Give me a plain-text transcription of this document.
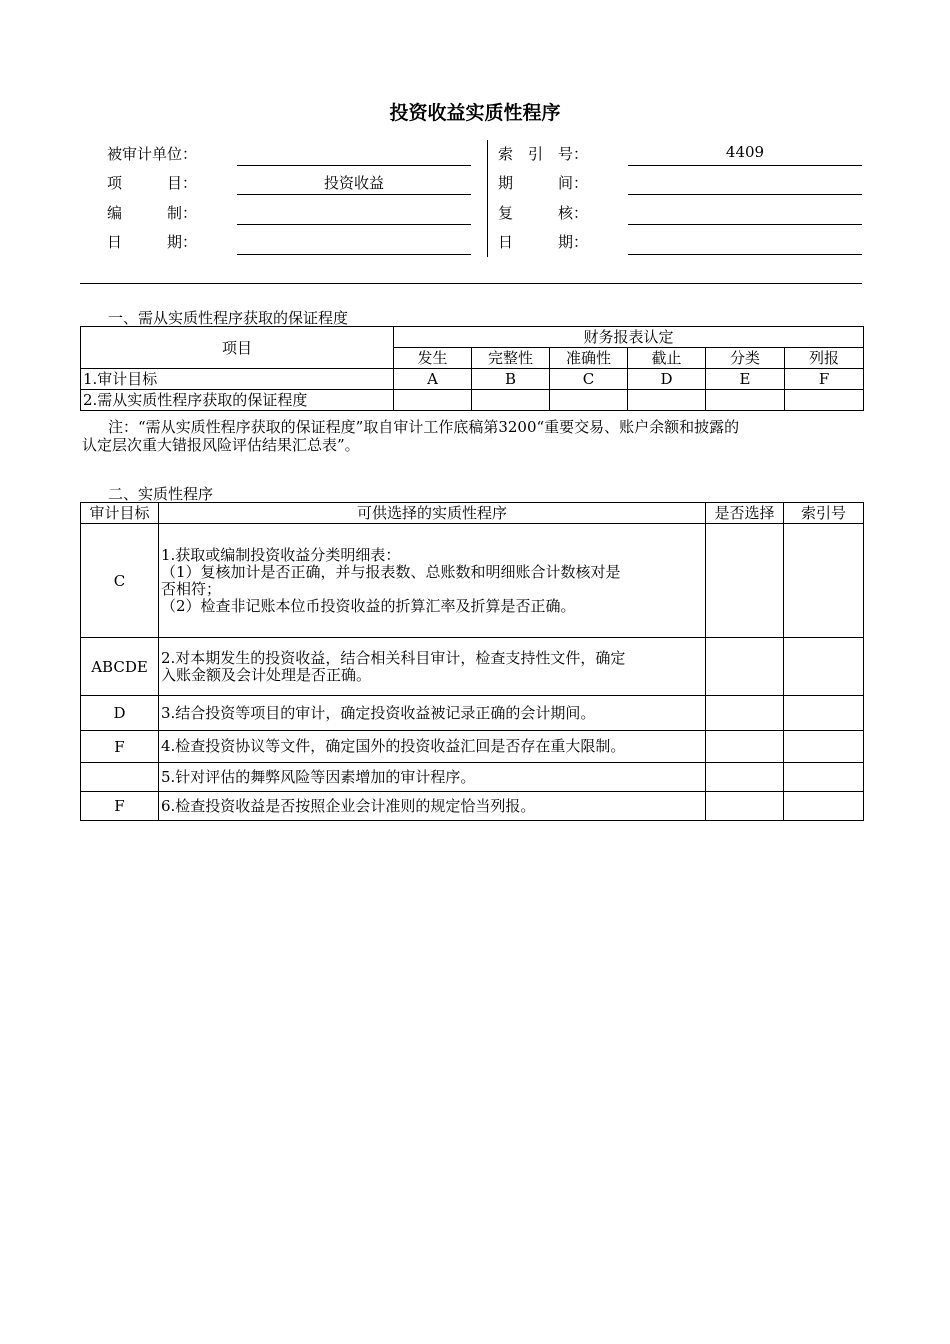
投资收益实质性程序
被审计单位：
项　　　目：	投资收益
编　　　制：
日　　　期：
索　引　号：	4409
期　　　间：
复　　　核：
日　　　期：
一、需从实质性程序获取的保证程度
项目	财务报表认定					
	发生	完整性	准确性	截止	分类	列报
1.审计目标	A	B	C	D	E	F
2.需从实质性程序获取的保证程度						
注：“需从实质性程序获取的保证程度”取自审计工作底稿第3200“重要交易、账户余额和披露的
认定层次重大错报风险评估结果汇总表”。
二、实质性程序
审计目标	可供选择的实质性程序	是否选择	索引号
C	1.获取或编制投资收益分类明细表：
（1）复核加计是否正确，并与报表数、总账数和明细账合计数核对是
否相符；
（2）检查非记账本位币投资收益的折算汇率及折算是否正确。		

ABCDE	2.对本期发生的投资收益，结合相关科目审计，检查支持性文件，确定
入账金额及会计处理是否正确。		

D	3.结合投资等项目的审计，确定投资收益被记录正确的会计期间。		

F	4.检查投资协议等文件，确定国外的投资收益汇回是否存在重大限制。		

	5.针对评估的舞弊风险等因素增加的审计程序。		

F	6.检查投资收益是否按照企业会计准则的规定恰当列报。		
